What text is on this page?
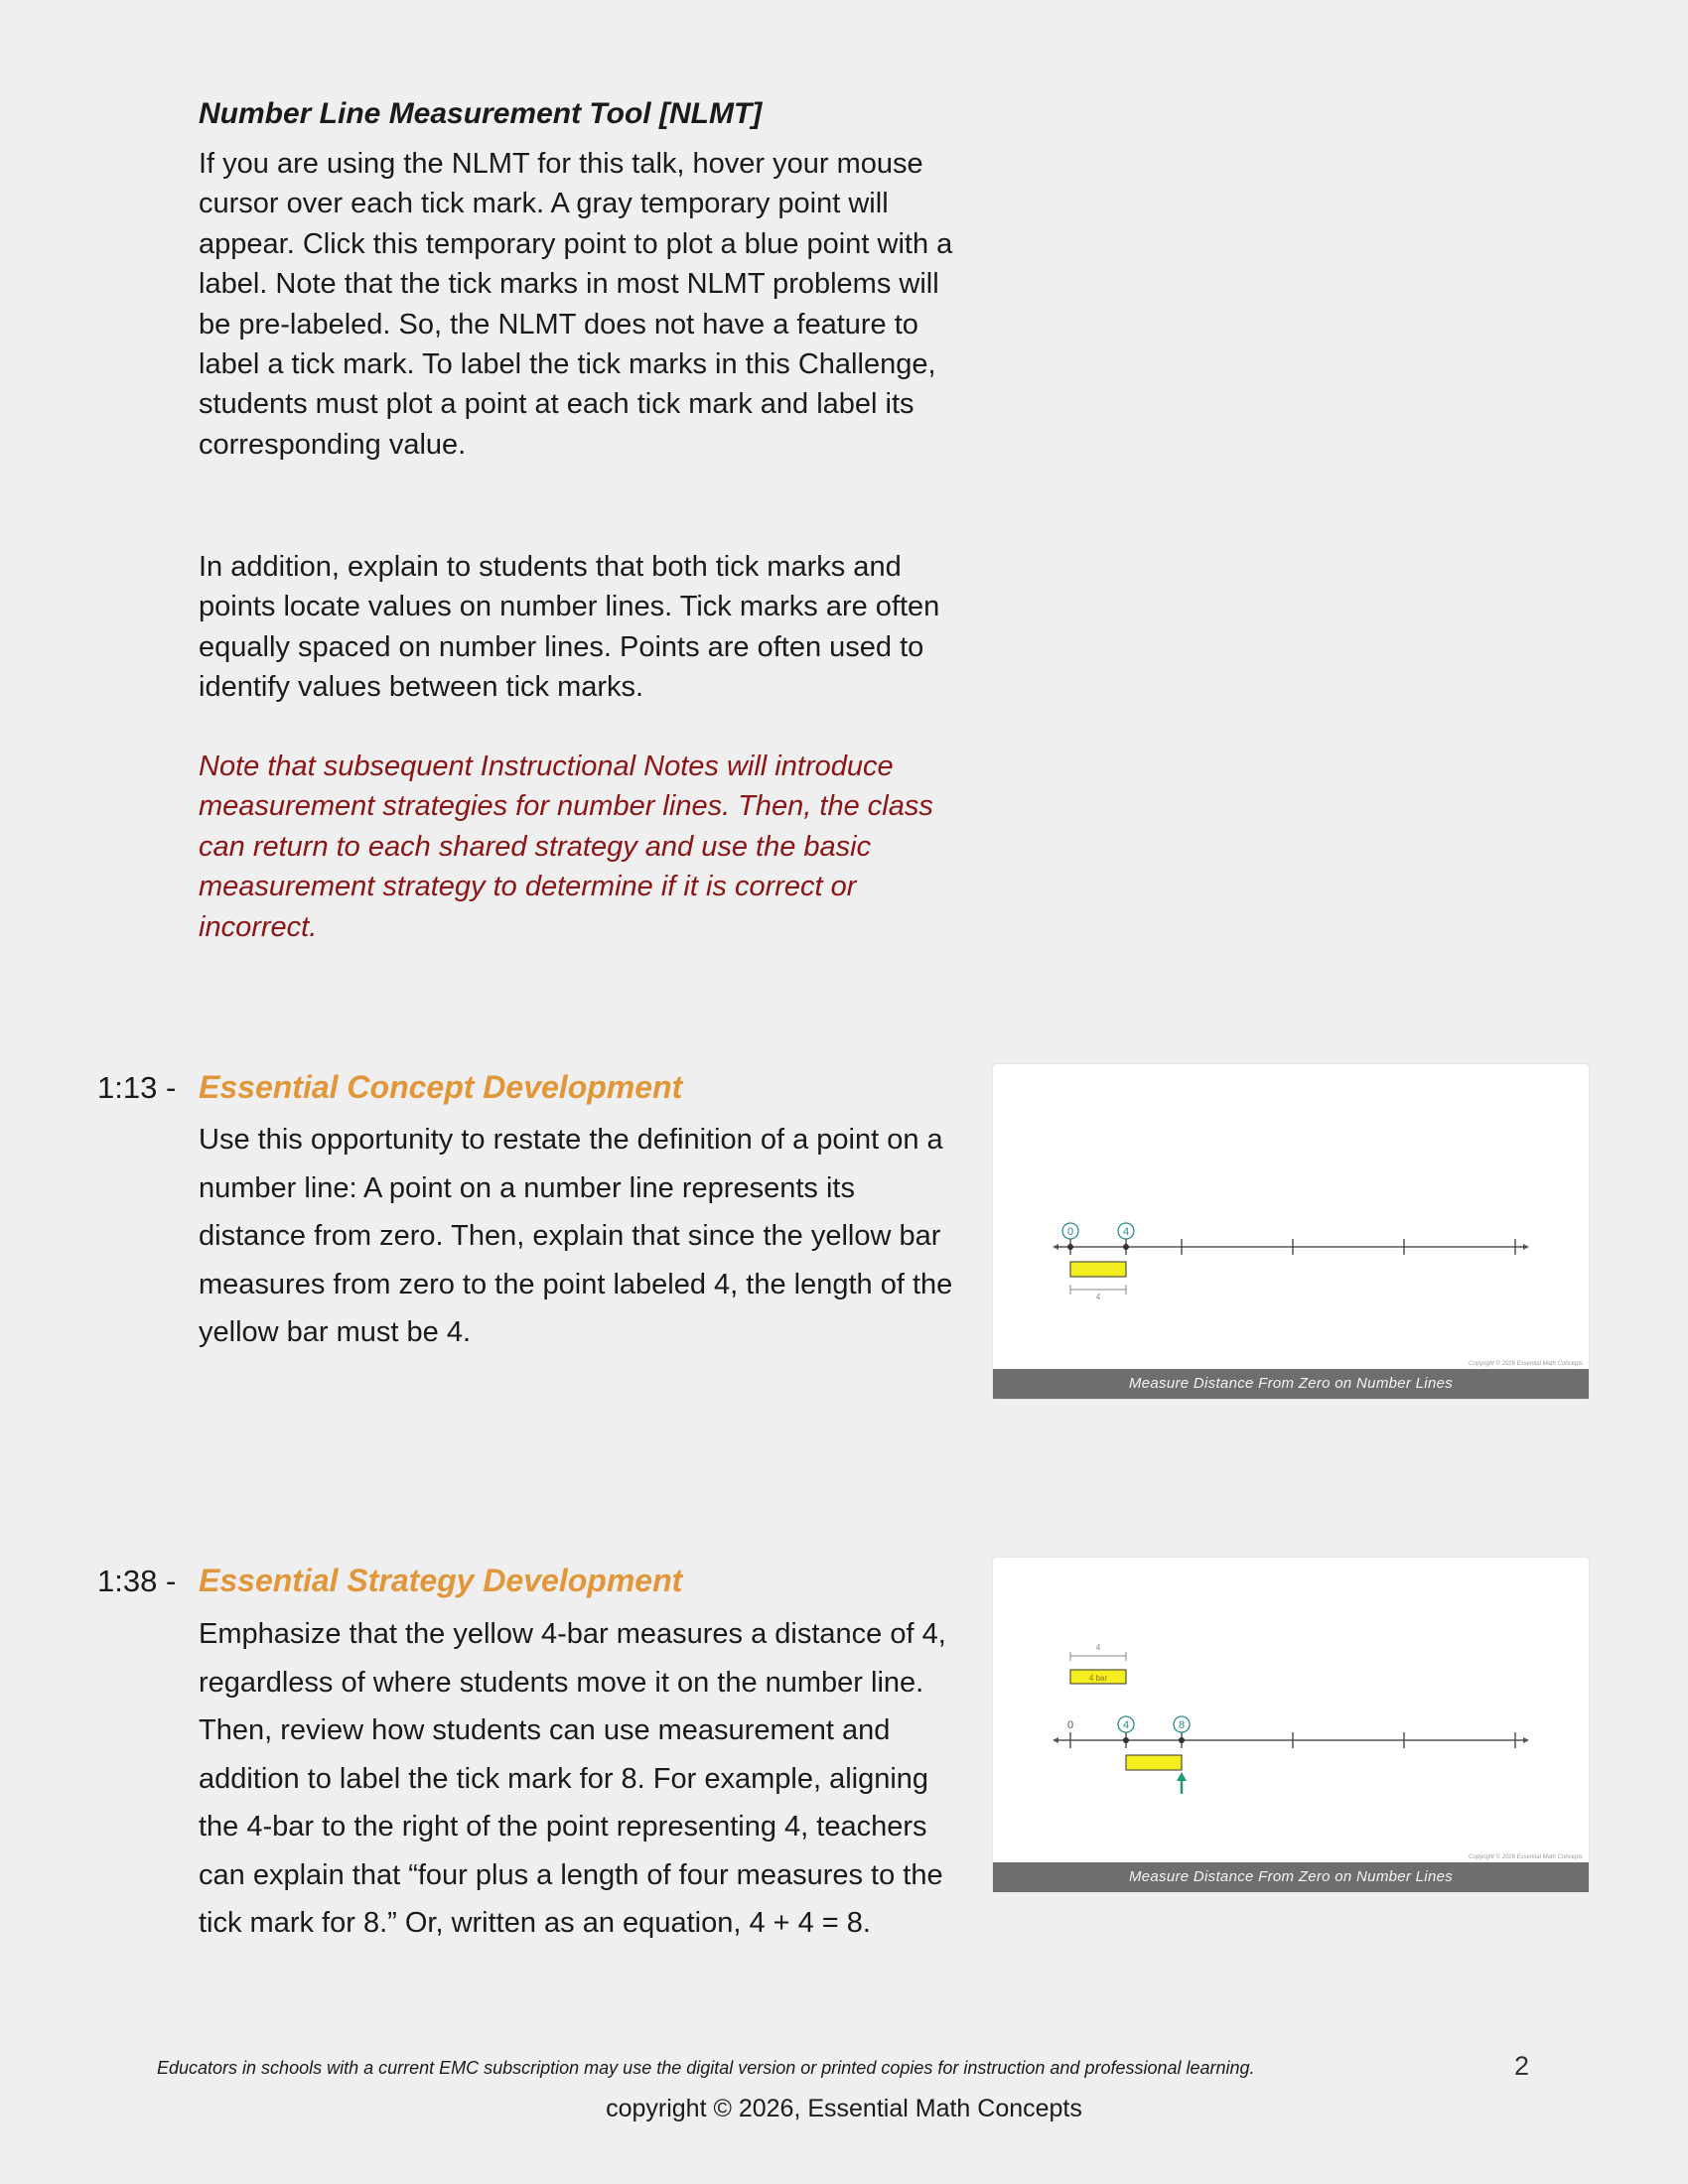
Number Line Measurement Tool [NLMT]

If you are using the NLMT for this talk, hover your mouse cursor over each tick mark. A gray temporary point will appear. Click this temporary point to plot a blue point with a label. Note that the tick marks in most NLMT problems will be pre-labeled. So, the NLMT does not have a feature to label a tick mark. To label the tick marks in this Challenge, students must plot a point at each tick mark and label its corresponding value.

In addition, explain to students that both tick marks and points locate values on number lines. Tick marks are often equally spaced on number lines. Points are often used to identify values between tick marks.

Note that subsequent Instructional Notes will introduce measurement strategies for number lines. Then, the class can return to each shared strategy and use the basic measurement strategy to determine if it is correct or incorrect.

1:13 - Essential Concept Development

Use this opportunity to restate the definition of a point on a number line: A point on a number line represents its distance from zero. Then, explain that since the yellow bar measures from zero to the point labeled 4, the length of the yellow bar must be 4.

0	4
4
Copyright © 2026 Essential Math Concepts
Measure Distance From Zero on Number Lines
1:38 - Essential Strategy Development

Emphasize that the yellow 4-bar measures a distance of 4, regardless of where students move it on the number line. Then, review how students can use measurement and addition to label the tick mark for 8. For example, aligning the 4-bar to the right of the point representing 4, teachers can explain that “four plus a length of four measures to the tick mark for 8.” Or, written as an equation, 4 + 4 = 8.

4
4 bar
0	4	8
Copyright © 2026 Essential Math Concepts
Measure Distance From Zero on Number Lines
Educators in schools with a current EMC subscription may use the digital version or printed copies for instruction and professional learning.	2
copyright © 2026, Essential Math Concepts
